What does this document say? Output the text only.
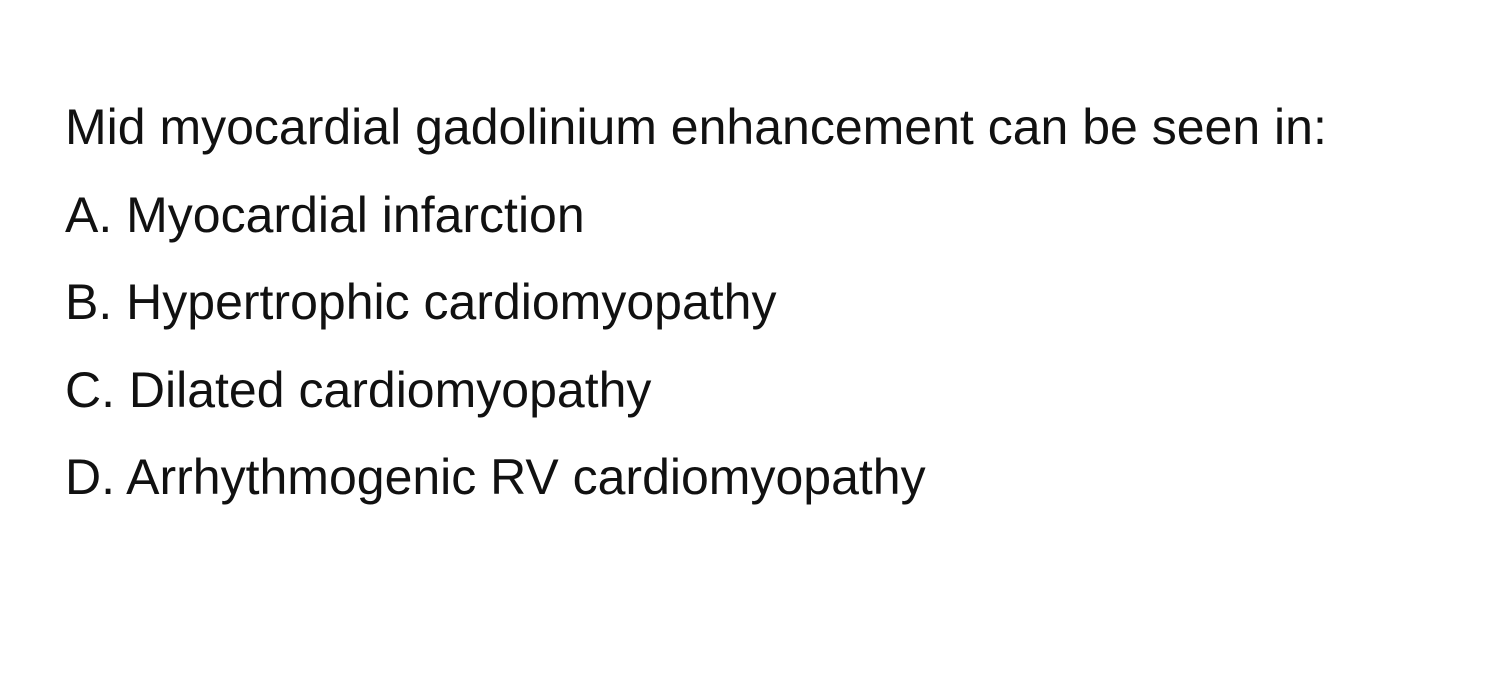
Mid myocardial gadolinium enhancement can be seen in:
A. Myocardial infarction
B. Hypertrophic cardiomyopathy
C. Dilated cardiomyopathy
D. Arrhythmogenic RV cardiomyopathy
